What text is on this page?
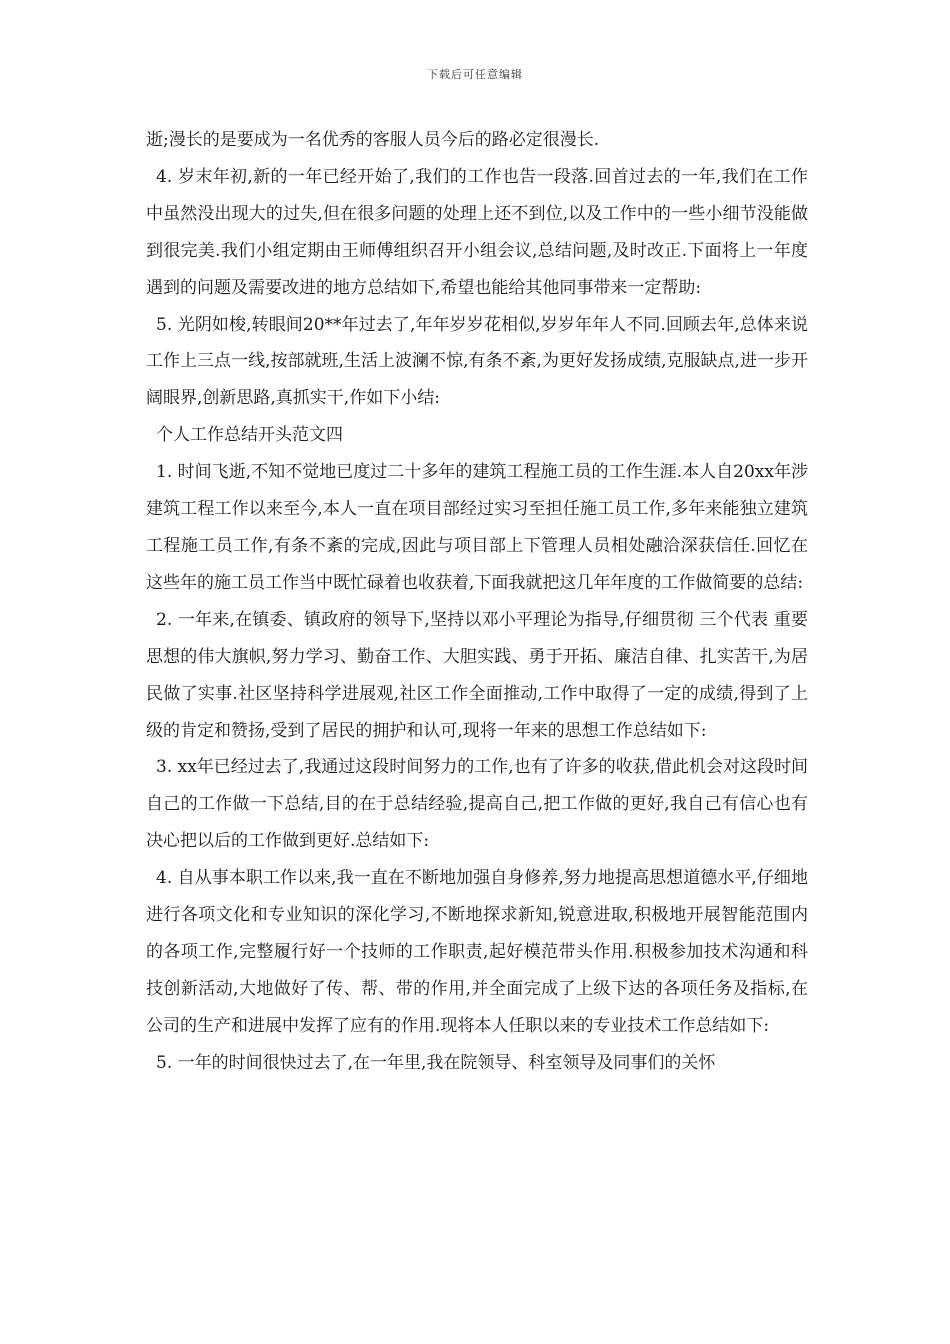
下载后可任意编辑

逝;漫长的是要成为一名优秀的客服人员今后的路必定很漫长.

4. 岁末年初,新的一年已经开始了,我们的工作也告一段落.回首过去的一年,我们在工作中虽然没出现大的过失,但在很多问题的处理上还不到位,以及工作中的一些小细节没能做到很完美.我们小组定期由王师傅组织召开小组会议,总结问题,及时改正.下面将上一年度遇到的问题及需要改进的地方总结如下,希望也能给其他同事带来一定帮助:

5. 光阴如梭,转眼间20**年过去了,年年岁岁花相似,岁岁年年人不同.回顾去年,总体来说工作上三点一线,按部就班,生活上波澜不惊,有条不紊,为更好发扬成绩,克服缺点,进一步开阔眼界,创新思路,真抓实干,作如下小结:

个人工作总结开头范文四

1. 时间飞逝,不知不觉地已度过二十多年的建筑工程施工员的工作生涯.本人自20xx年涉建筑工程工作以来至今,本人一直在项目部经过实习至担任施工员工作,多年来能独立建筑工程施工员工作,有条不紊的完成,因此与项目部上下管理人员相处融洽深获信任.回忆在这些年的施工员工作当中既忙碌着也收获着,下面我就把这几年年度的工作做简要的总结:

2. 一年来,在镇委、镇政府的领导下,坚持以邓小平理论为指导,仔细贯彻 三个代表 重要思想的伟大旗帜,努力学习、勤奋工作、大胆实践、勇于开拓、廉洁自律、扎实苦干,为居民做了实事.社区坚持科学进展观,社区工作全面推动,工作中取得了一定的成绩,得到了上级的肯定和赞扬,受到了居民的拥护和认可,现将一年来的思想工作总结如下:

3. xx年已经过去了,我通过这段时间努力的工作,也有了许多的收获,借此机会对这段时间自己的工作做一下总结,目的在于总结经验,提高自己,把工作做的更好,我自己有信心也有决心把以后的工作做到更好.总结如下:

4. 自从事本职工作以来,我一直在不断地加强自身修养,努力地提高思想道德水平,仔细地进行各项文化和专业知识的深化学习,不断地探求新知,锐意进取,积极地开展智能范围内的各项工作,完整履行好一个技师的工作职责,起好模范带头作用.积极参加技术沟通和科技创新活动,大地做好了传、帮、带的作用,并全面完成了上级下达的各项任务及指标,在公司的生产和进展中发挥了应有的作用.现将本人任职以来的专业技术工作总结如下:

5. 一年的时间很快过去了,在一年里,我在院领导、科室领导及同事们的关怀
